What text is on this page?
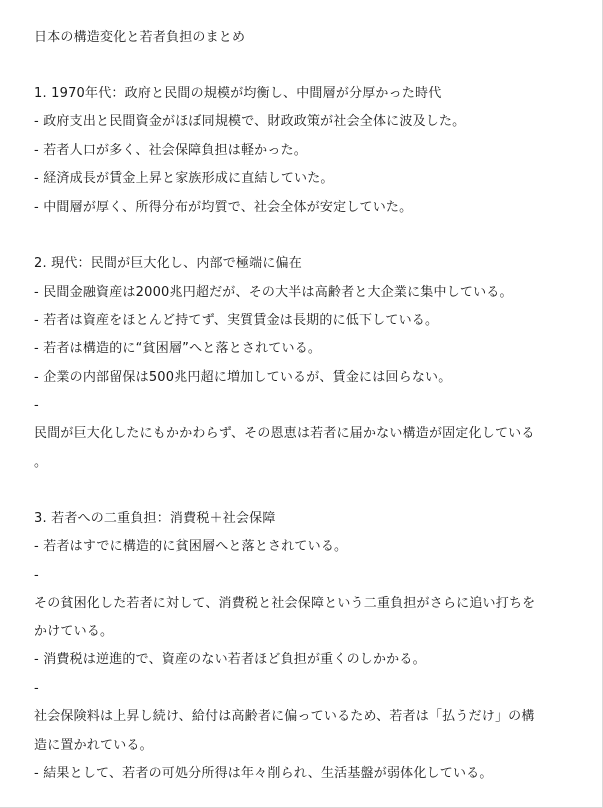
日本の構造変化と若者負担のまとめ
1. 1970年代：政府と民間の規模が均衡し、中間層が分厚かった時代
- 政府支出と民間資金がほぼ同規模で、財政政策が社会全体に波及した。
- 若者人口が多く、社会保障負担は軽かった。
- 経済成長が賃金上昇と家族形成に直結していた。
- 中間層が厚く、所得分布が均質で、社会全体が安定していた。
2. 現代：民間が巨大化し、内部で極端に偏在
- 民間金融資産は2000兆円超だが、その大半は高齢者と大企業に集中している。
- 若者は資産をほとんど持てず、実質賃金は長期的に低下している。
- 若者は構造的に“貧困層”へと落とされている。
- 企業の内部留保は500兆円超に増加しているが、賃金には回らない。
-
民間が巨大化したにもかかわらず、その恩恵は若者に届かない構造が固定化している
。
3. 若者への二重負担：消費税＋社会保障
- 若者はすでに構造的に貧困層へと落とされている。
-
その貧困化した若者に対して、消費税と社会保障という二重負担がさらに追い打ちを
かけている。
- 消費税は逆進的で、資産のない若者ほど負担が重くのしかかる。
-
社会保険料は上昇し続け、給付は高齢者に偏っているため、若者は「払うだけ」の構
造に置かれている。
- 結果として、若者の可処分所得は年々削られ、生活基盤が弱体化している。
